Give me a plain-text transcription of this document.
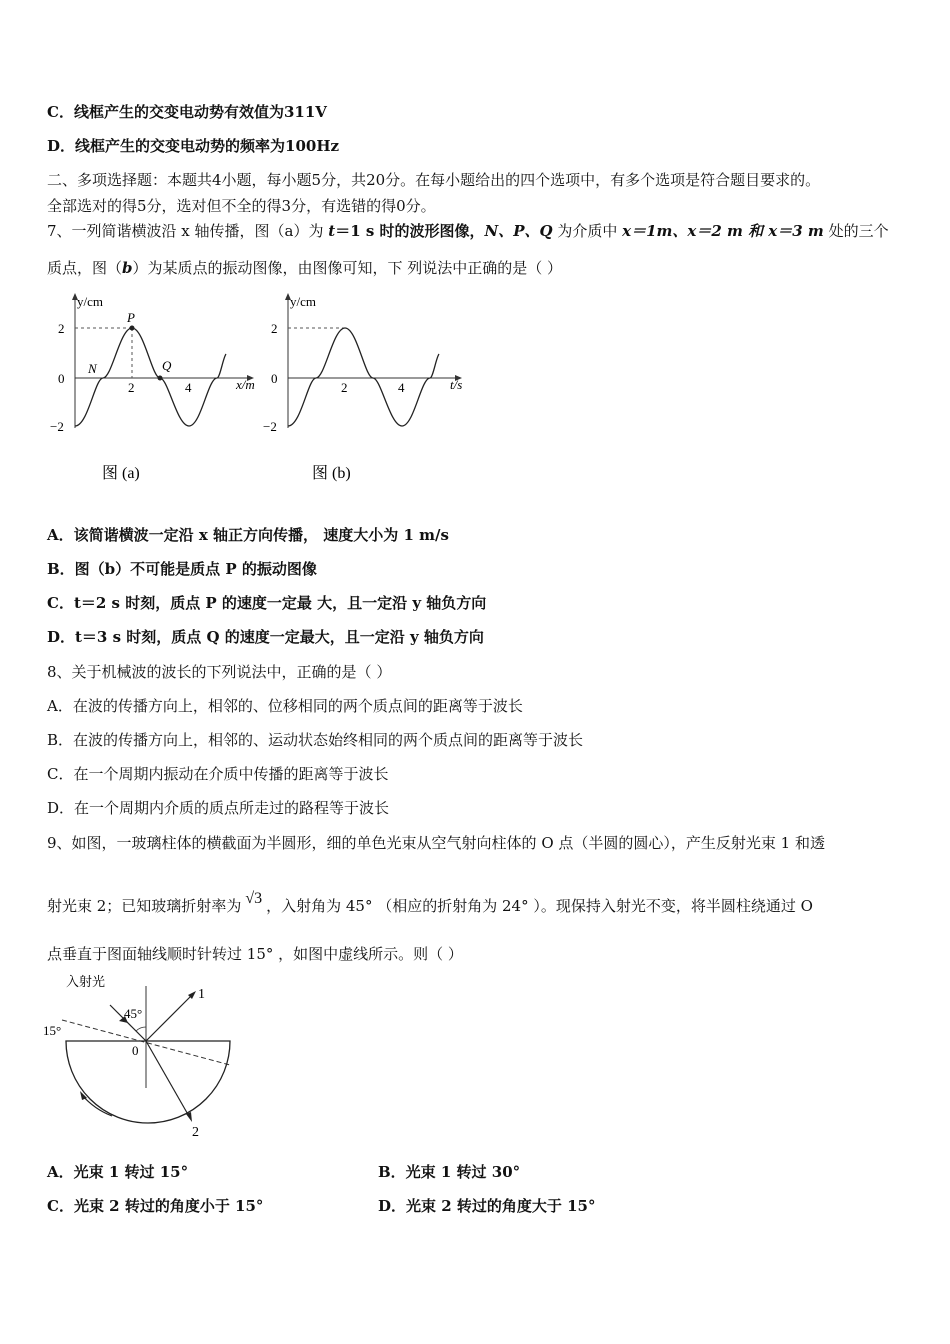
C．线框产生的交变电动势有效值为311V
D．线框产生的交变电动势的频率为100Hz
二、多项选择题：本题共4小题，每小题5分，共20分。在每小题给出的四个选项中，有多个选项是符合题目要求的。
全部选对的得5分，选对但不全的得3分，有选错的得0分。
7、一列简谐横波沿 x 轴传播，图（a）为 t＝1 s 时的波形图像，N、P、Q 为介质中 x＝1m、x＝2 m 和 x＝3 m 处的三个
质点，图（b）为某质点的振动图像，由图像可知，下 列说法中正确的是（ ）
y/cm
x/m
2
0
−2
2	4
N
P
Q
图 (a)
y/cm
t/s
2
0
−2
2	4
图 (b)
A．该简谐横波一定沿 x 轴正方向传播， 速度大小为 1 m/s
B．图（b）不可能是质点 P 的振动图像
C．t＝2 s 时刻，质点 P 的速度一定最 大，且一定沿 y 轴负方向
D．t＝3 s 时刻，质点 Q 的速度一定最大，且一定沿 y 轴负方向
8、关于机械波的波长的下列说法中，正确的是（ ）
A．在波的传播方向上，相邻的、位移相同的两个质点间的距离等于波长
B．在波的传播方向上，相邻的、运动状态始终相同的两个质点间的距离等于波长
C．在一个周期内振动在介质中传播的距离等于波长
D．在一个周期内介质的质点所走过的路程等于波长
9、如图，一玻璃柱体的横截面为半圆形，细的单色光束从空气射向柱体的 O 点（半圆的圆心），产生反射光束 1 和透
射光束 2；已知玻璃折射率为 √3 ，入射角为 45° （相应的折射角为 24° ）。现保持入射光不变，将半圆柱绕通过 O
点垂直于图面轴线顺时针转过 15° ，如图中虚线所示。则（ ）
入射光
45°
15°
0
1
2
A．光束 1 转过 15°	B．光束 1 转过 30°
C．光束 2 转过的角度小于 15°	D．光束 2 转过的角度大于 15°
